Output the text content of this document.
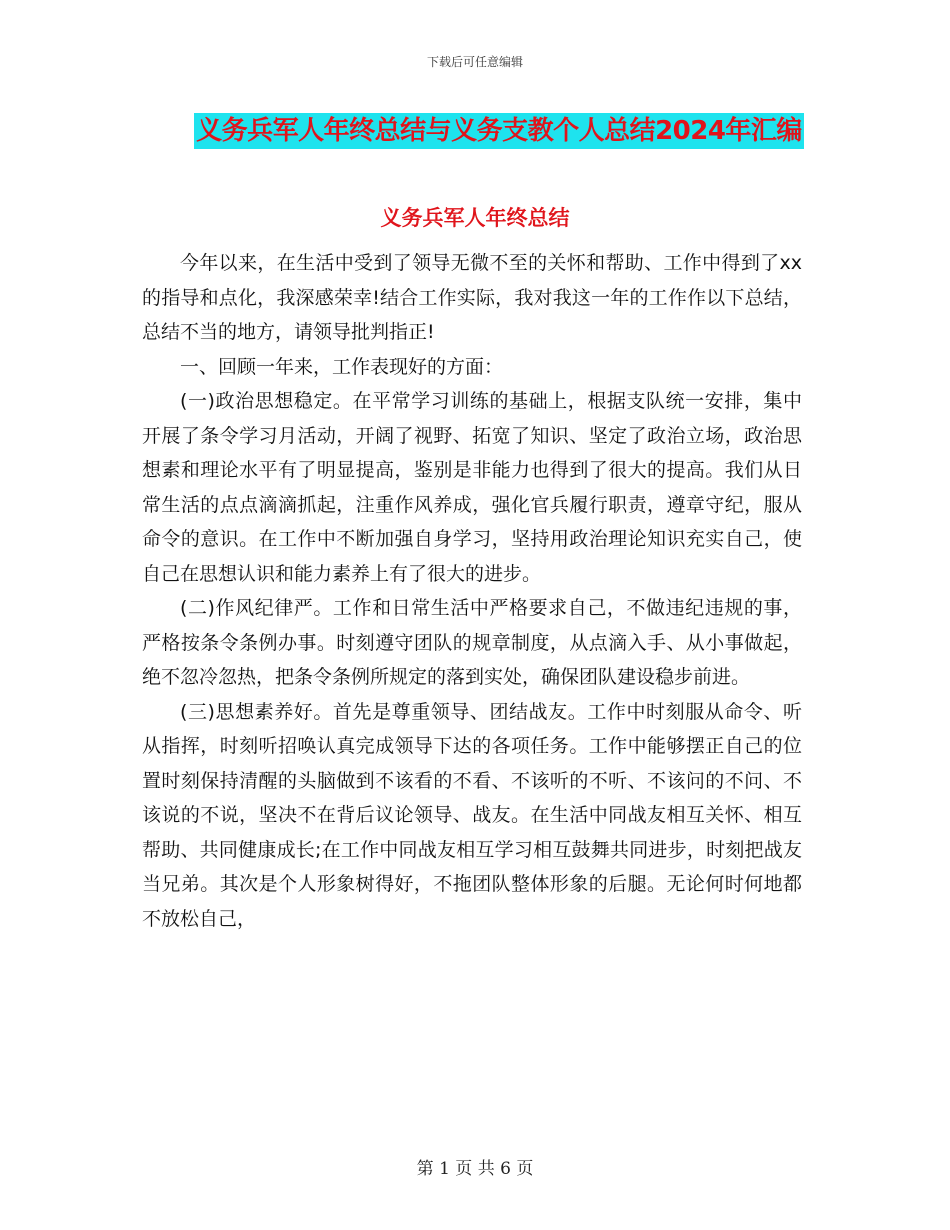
下载后可任意编辑
义务兵军人年终总结与义务支教个人总结2024年汇编
义务兵军人年终总结

今年以来，在生活中受到了领导无微不至的关怀和帮助、工作中得到了xx的指导和点化，我深感荣幸!结合工作实际，我对我这一年的工作作以下总结，总结不当的地方，请领导批判指正!

一、回顾一年来，工作表现好的方面：

(一)政治思想稳定。在平常学习训练的基础上，根据支队统一安排，集中开展了条令学习月活动，开阔了视野、拓宽了知识、坚定了政治立场，政治思想素和理论水平有了明显提高，鉴别是非能力也得到了很大的提高。我们从日常生活的点点滴滴抓起，注重作风养成，强化官兵履行职责，遵章守纪，服从命令的意识。在工作中不断加强自身学习，坚持用政治理论知识充实自己，使自己在思想认识和能力素养上有了很大的进步。

(二)作风纪律严。工作和日常生活中严格要求自己，不做违纪违规的事，严格按条令条例办事。时刻遵守团队的规章制度，从点滴入手、从小事做起，绝不忽冷忽热，把条令条例所规定的落到实处，确保团队建设稳步前进。

(三)思想素养好。首先是尊重领导、团结战友。工作中时刻服从命令、听从指挥，时刻听招唤认真完成领导下达的各项任务。工作中能够摆正自己的位置时刻保持清醒的头脑做到不该看的不看、不该听的不听、不该问的不问、不该说的不说，坚决不在背后议论领导、战友。在生活中同战友相互关怀、相互帮助、共同健康成长;在工作中同战友相互学习相互鼓舞共同进步，时刻把战友当兄弟。其次是个人形象树得好，不拖团队整体形象的后腿。无论何时何地都不放松自己，

第 1 页 共 6 页
